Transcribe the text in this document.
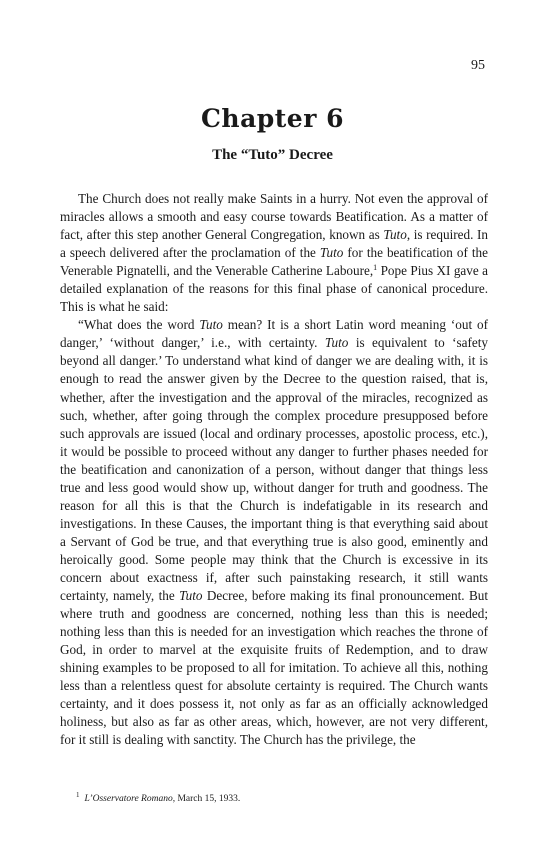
95
Chapter 6
The “Tuto” Decree

The Church does not really make Saints in a hurry. Not even the approval of miracles allows a smooth and easy course towards Beatification. As a matter of fact, after this step another General Congregation, known as Tuto, is required. In a speech delivered after the proclamation of the Tuto for the beatification of the Venerable Pignatelli, and the Venerable Catherine Laboure,$^1$ Pope Pius XI gave a detailed explanation of the reasons for this final phase of canonical procedure. This is what he said:

“What does the word Tuto mean? It is a short Latin word meaning ‘out of danger,’ ‘without danger,’ i.e., with certainty. Tuto is equivalent to ‘safety beyond all danger.’ To understand what kind of danger we are dealing with, it is enough to read the answer given by the Decree to the question raised, that is, whether, after the investigation and the approval of the miracles, recognized as such, whether, after going through the complex procedure presupposed before such approvals are issued (local and ordinary processes, apostolic process, etc.), it would be possible to proceed without any danger to further phases needed for the beatification and canonization of a person, without danger that things less true and less good would show up, without danger for truth and goodness. The reason for all this is that the Church is indefatigable in its research and investigations. In these Causes, the important thing is that everything said about a Servant of God be true, and that everything true is also good, eminently and heroically good. Some people may think that the Church is excessive in its concern about exactness if, after such painstaking research, it still wants certainty, namely, the Tuto Decree, before making its final pronouncement. But where truth and goodness are concerned, nothing less than this is needed; nothing less than this is needed for an investigation which reaches the throne of God, in order to marvel at the exquisite fruits of Redemption, and to draw shining examples to be proposed to all for imitation. To achieve all this, nothing less than a relentless quest for absolute certainty is required. The Church wants certainty, and it does possess it, not only as far as an officially acknowledged holiness, but also as far as other areas, which, however, are not very different, for it still is dealing with sanctity. The Church has the privilege, the

$^1$ L’Osservatore Romano, March 15, 1933.
